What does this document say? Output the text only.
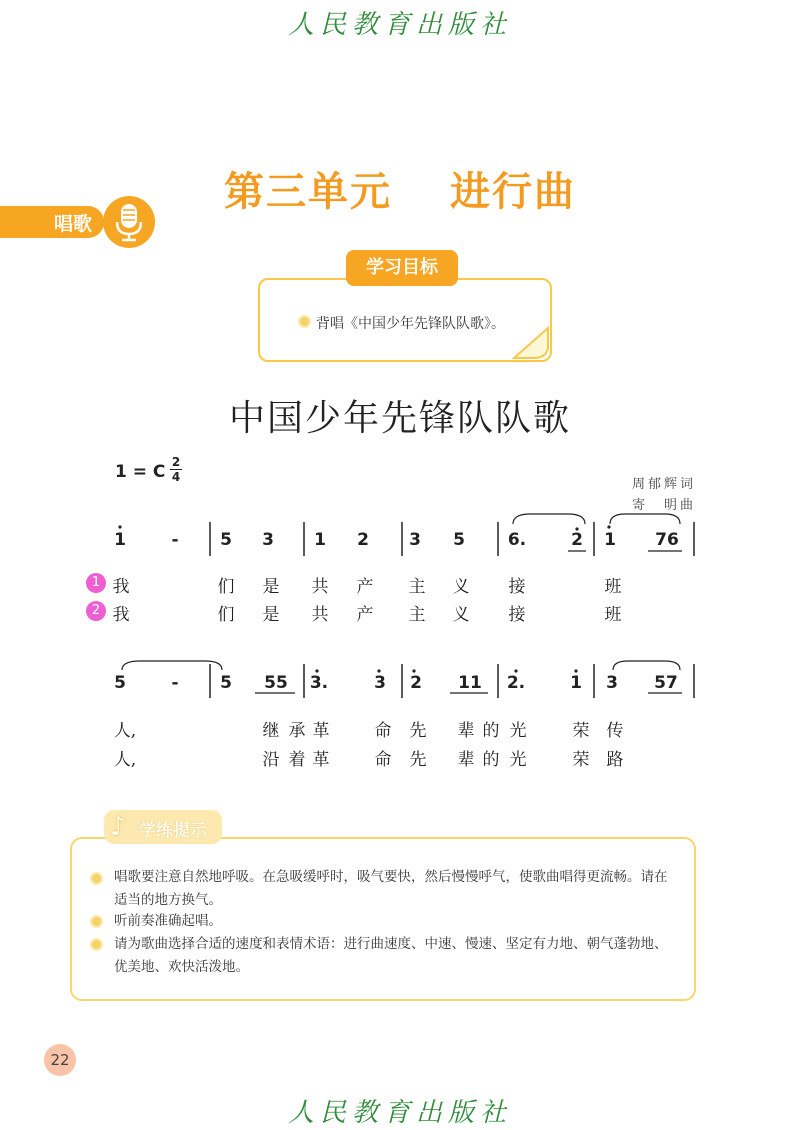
人民教育出版社
第三单元　 进行曲
唱歌
学习目标
背唱《中国少年先锋队队歌》。
中国少年先锋队队歌
1 = C 2
4	周郁辉词
寄　明曲
1	-	5	3	1	2	3	5	6.	2	1	76
1
2
我	们	是	共	产	主	义	接	班
我	们	是	共	产	主	义	接	班
5	-	5	55	3.	3	2	11	2.	1	3	57
人,	继 承 革	命	先	辈 的 光	荣	传
人,	沿 着 革	命	先	辈 的 光	荣	路
♪ 学练提示
唱歌要注意自然地呼吸。在急吸缓呼时，吸气要快，然后慢慢呼气，使歌曲唱得更流畅。请在适当的地方换气。
听前奏准确起唱。
请为歌曲选择合适的速度和表情术语：进行曲速度、中速、慢速、坚定有力地、朝气蓬勃地、优美地、欢快活泼地。
22
人民教育出版社
